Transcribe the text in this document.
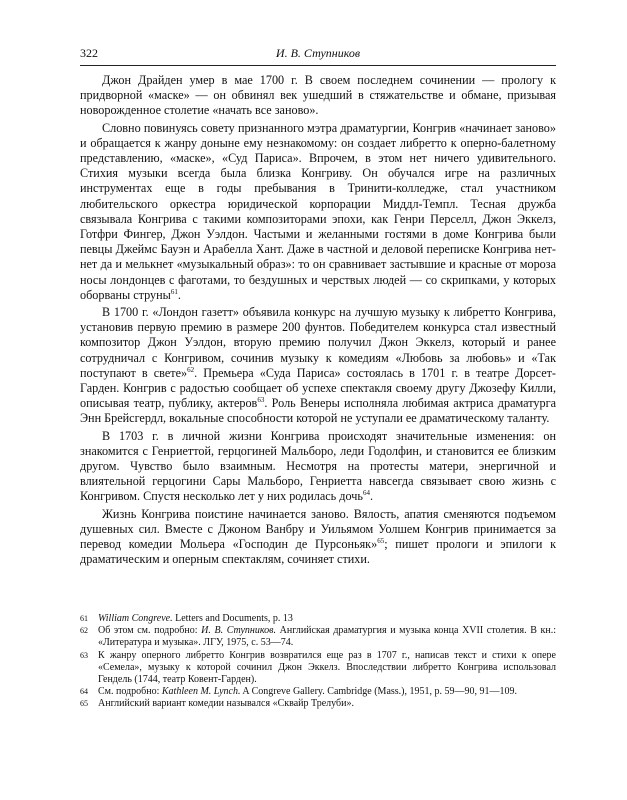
322	И. В. Ступников

Джон Драйден умер в мае 1700 г. В своем последнем сочинении — прологу к придворной «маске» — он обвинял век ушедший в стяжательстве и обмане, призывая новорожденное столетие «начать все заново».

Словно повинуясь совету признанного мэтра драматургии, Конгрив «начинает заново» и обращается к жанру доныне ему незнакомому: он создает либретто к оперно-балетному представлению, «маске», «Суд Париса». Впрочем, в этом нет ничего удивительного. Стихия музыки всегда была близка Конгриву. Он обучался игре на различных инструментах еще в годы пребывания в Тринити-колледже, стал участником любительского оркестра юридической корпорации Миддл-Темпл. Тесная дружба связывала Конгрива с такими композиторами эпохи, как Генри Перселл, Джон Эккелз, Готфри Фингер, Джон Уэлдон. Частыми и желанными гостями в доме Конгрива были певцы Джеймс Бауэн и Арабелла Хант. Даже в частной и деловой переписке Конгрива нет-нет да и мелькнет «музыкальный образ»: то он сравнивает застывшие и красные от мороза носы лондонцев с фаготами, то бездушных и черствых людей — со скрипками, у которых оборваны струны$^{61}$.

В 1700 г. «Лондон газетт» объявила конкурс на лучшую музыку к либретто Конгрива, установив первую премию в размере 200 фунтов. Победителем конкурса стал известный композитор Джон Уэлдон, вторую премию получил Джон Эккелз, который и ранее сотрудничал с Конгривом, сочинив музыку к комедиям «Любовь за любовь» и «Так поступают в свете»$^{62}$. Премьера «Суда Париса» состоялась в 1701 г. в театре Дорсет-Гарден. Конгрив с радостью сообщает об успехе спектакля своему другу Джозефу Килли, описывая театр, публику, актеров$^{63}$. Роль Венеры исполняла любимая актриса драматурга Энн Брейсгердл, вокальные способности которой не уступали ее драматическому таланту.

В 1703 г. в личной жизни Конгрива происходят значительные изменения: он знакомится с Генриеттой, герцогиней Мальборо, леди Годолфин, и становится ее близким другом. Чувство было взаимным. Несмотря на протесты матери, энергичной и влиятельной герцогини Сары Мальборо, Генриетта навсегда связывает свою жизнь с Конгривом. Спустя несколько лет у них родилась дочь$^{64}$.

Жизнь Конгрива поистине начинается заново. Вялость, апатия сменяются подъемом душевных сил. Вместе с Джоном Ванбру и Уильямом Уолшем Конгрив принимается за перевод комедии Мольера «Господин де Пурсоньяк»$^{65}$; пишет прологи и эпилоги к драматическим и оперным спектаклям, сочиняет стихи.

61 William Congreve. Letters and Documents, p. 13
62 Об этом см. подробно: И. В. Ступников. Английская драматургия и музыка конца XVII столетия. В кн.: «Литература и музыка». ЛГУ, 1975, с. 53—74.
63 К жанру оперного либретто Конгрив возвратился еще раз в 1707 г., написав текст и стихи к опере «Семела», музыку к которой сочинил Джон Эккелз. Впоследствии либретто Конгрива использовал Гендель (1744, театр Ковент-Гарден).
64 См. подробно: Kathleen M. Lynch. A Congreve Gallery. Cambridge (Mass.), 1951, p. 59—90, 91—109.
65 Английский вариант комедии назывался «Сквайр Трелуби».
